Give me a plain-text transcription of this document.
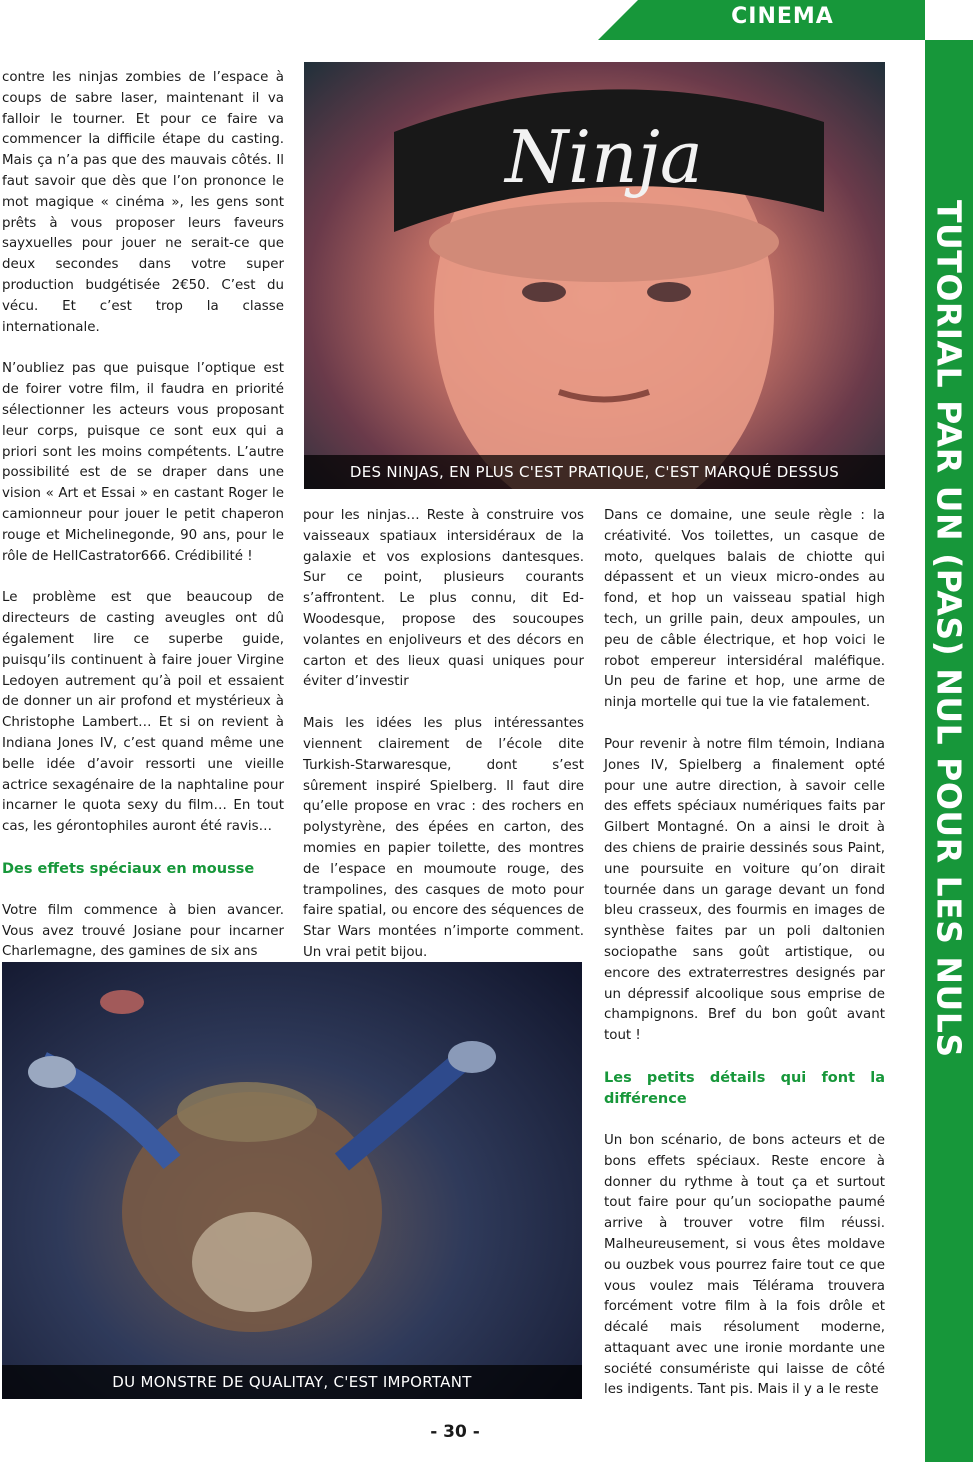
CINEMA
TUTORIAL PAR UN (PAS) NUL POUR LES NULS

contre les ninjas zombies de l’espace à coups de sabre laser, maintenant il va falloir le tourner. Et pour ce faire va commencer la difficile étape du casting. Mais ça n’a pas que des mauvais côtés. Il faut savoir que dès que l’on prononce le mot magique « cinéma », les gens sont prêts à vous proposer leurs faveurs sayxuelles pour jouer ne serait-ce que deux secondes dans votre super production budgétisée 2€50. C’est du vécu. Et c’est trop la classe internationale.

N’oubliez pas que puisque l’optique est de foirer votre film, il faudra en priorité sélectionner les acteurs vous proposant leur corps, puisque ce sont eux qui a priori sont les moins compétents. L’autre possibilité est de se draper dans une vision « Art et Essai » en castant Roger le camionneur pour jouer le petit chaperon rouge et Michelinegonde, 90 ans, pour le rôle de HellCastrator666. Crédibilité !

Le problème est que beaucoup de directeurs de casting aveugles ont dû également lire ce superbe guide, puisqu’ils continuent à faire jouer Virgine Ledoyen autrement qu’à poil et essaient de donner un air profond et mystérieux à Christophe Lambert… Et si on revient à Indiana Jones IV, c’est quand même une belle idée d’avoir ressorti une vieille actrice sexagénaire de la naphtaline pour incarner le quota sexy du film… En tout cas, les gérontophiles auront été ravis…

Des effets spéciaux en mousse

Votre film commence à bien avancer. Vous avez trouvé Josiane pour incarner Charlemagne, des gamines de six ans

Ninja
DES NINJAS, EN PLUS C'EST PRATIQUE, C'EST MARQUÉ DESSUS

pour les ninjas… Reste à construire vos vaisseaux spatiaux intersidéraux de la galaxie et vos explosions dantesques. Sur ce point, plusieurs courants s’affrontent. Le plus connu, dit Ed-Woodesque, propose des soucoupes volantes en enjoliveurs et des décors en carton et des lieux quasi uniques pour éviter d’investir

Mais les idées les plus intéressantes viennent clairement de l’école dite Turkish-Starwaresque, dont s’est sûrement inspiré Spielberg. Il faut dire qu’elle propose en vrac : des rochers en polystyrène, des épées en carton, des momies en papier toilette, des montres de l’espace en moumoute rouge, des trampolines, des casques de moto pour faire spatial, ou encore des séquences de Star Wars montées n’importe comment. Un vrai petit bijou.

Dans ce domaine, une seule règle : la créativité. Vos toilettes, un casque de moto, quelques balais de chiotte qui dépassent et un vieux micro-ondes au fond, et hop un vaisseau spatial high tech, un grille pain, deux ampoules, un peu de câble électrique, et hop voici le robot empereur intersidéral maléfique. Un peu de farine et hop, une arme de ninja mortelle qui tue la vie fatalement.

Pour revenir à notre film témoin, Indiana Jones IV, Spielberg a finalement opté pour une autre direction, à savoir celle des effets spéciaux numériques faits par Gilbert Montagné. On a ainsi le droit à des chiens de prairie dessinés sous Paint, une poursuite en voiture qu’on dirait tournée dans un garage devant un fond bleu crasseux, des fourmis en images de synthèse faites par un poli daltonien sociopathe sans goût artistique, ou encore des extraterrestres designés par un dépressif alcoolique sous emprise de champignons. Bref du bon goût avant tout !

Les petits détails qui font la différence

Un bon scénario, de bons acteurs et de bons effets spéciaux. Reste encore à donner du rythme à tout ça et surtout tout faire pour qu’un sociopathe paumé arrive à trouver votre film réussi. Malheureusement, si vous êtes moldave ou ouzbek vous pourrez faire tout ce que vous voulez mais Télérama trouvera forcément votre film à la fois drôle et décalé mais résolument moderne, attaquant avec une ironie mordante une société consumériste qui laisse de côté les indigents. Tant pis. Mais il y a le reste

DU MONSTRE DE QUALITAY, C'EST IMPORTANT
- 30 -
